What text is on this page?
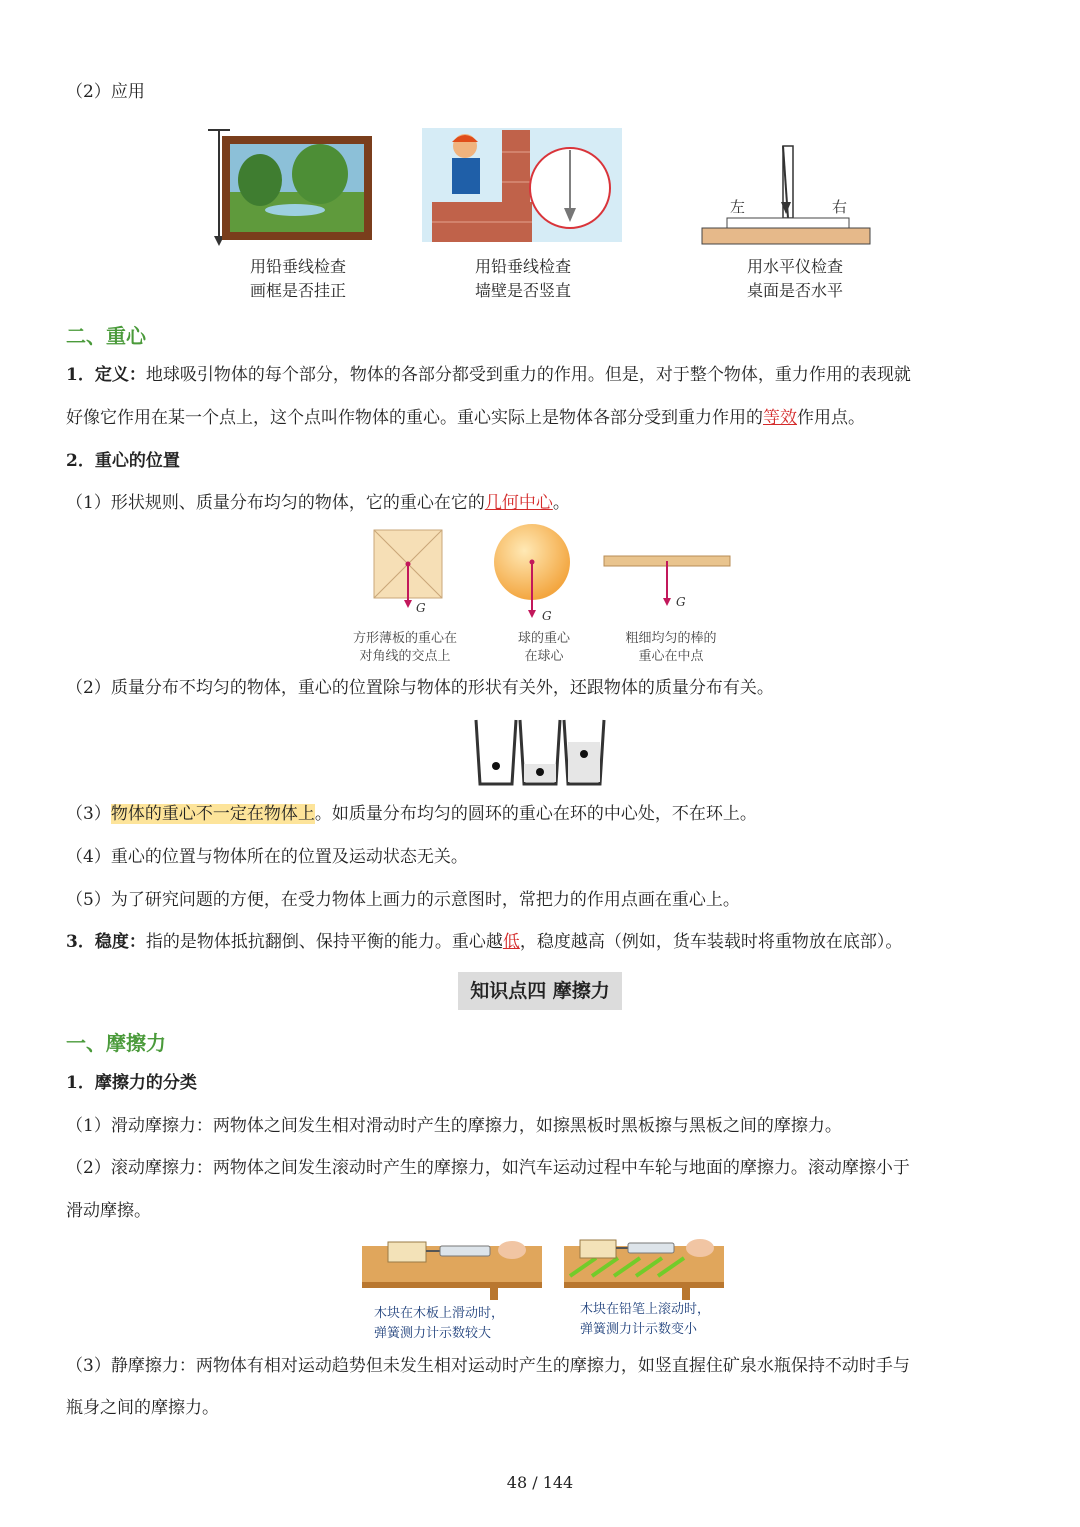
（2）应用
左	右
用铅垂线检查
画框是否挂正
用铅垂线检查
墙壁是否竖直
用水平仪检查
桌面是否水平
二、重心
1．定义：地球吸引物体的每个部分，物体的各部分都受到重力的作用。但是，对于整个物体，重力作用的表现就
好像它作用在某一个点上，这个点叫作物体的重心。重心实际上是物体各部分受到重力作用的等效作用点。
2．重心的位置
（1）形状规则、质量分布均匀的物体，它的重心在它的几何中心。
G
G
G
方形薄板的重心在
对角线的交点上
球的重心
在球心
粗细均匀的棒的
重心在中点
（2）质量分布不均匀的物体，重心的位置除与物体的形状有关外，还跟物体的质量分布有关。
（3）物体的重心不一定在物体上。如质量分布均匀的圆环的重心在环的中心处，不在环上。
（4）重心的位置与物体所在的位置及运动状态无关。
（5）为了研究问题的方便，在受力物体上画力的示意图时，常把力的作用点画在重心上。
3．稳度：指的是物体抵抗翻倒、保持平衡的能力。重心越低，稳度越高（例如，货车装载时将重物放在底部）。
知识点四 摩擦力
一、摩擦力
1．摩擦力的分类
（1）滑动摩擦力：两物体之间发生相对滑动时产生的摩擦力，如擦黑板时黑板擦与黑板之间的摩擦力。
（2）滚动摩擦力：两物体之间发生滚动时产生的摩擦力，如汽车运动过程中车轮与地面的摩擦力。滚动摩擦小于
滑动摩擦。
木块在木板上滑动时，
弹簧测力计示数较大
木块在铅笔上滚动时，
弹簧测力计示数变小
（3）静摩擦力：两物体有相对运动趋势但未发生相对运动时产生的摩擦力，如竖直握住矿泉水瓶保持不动时手与
瓶身之间的摩擦力。
48 / 144
